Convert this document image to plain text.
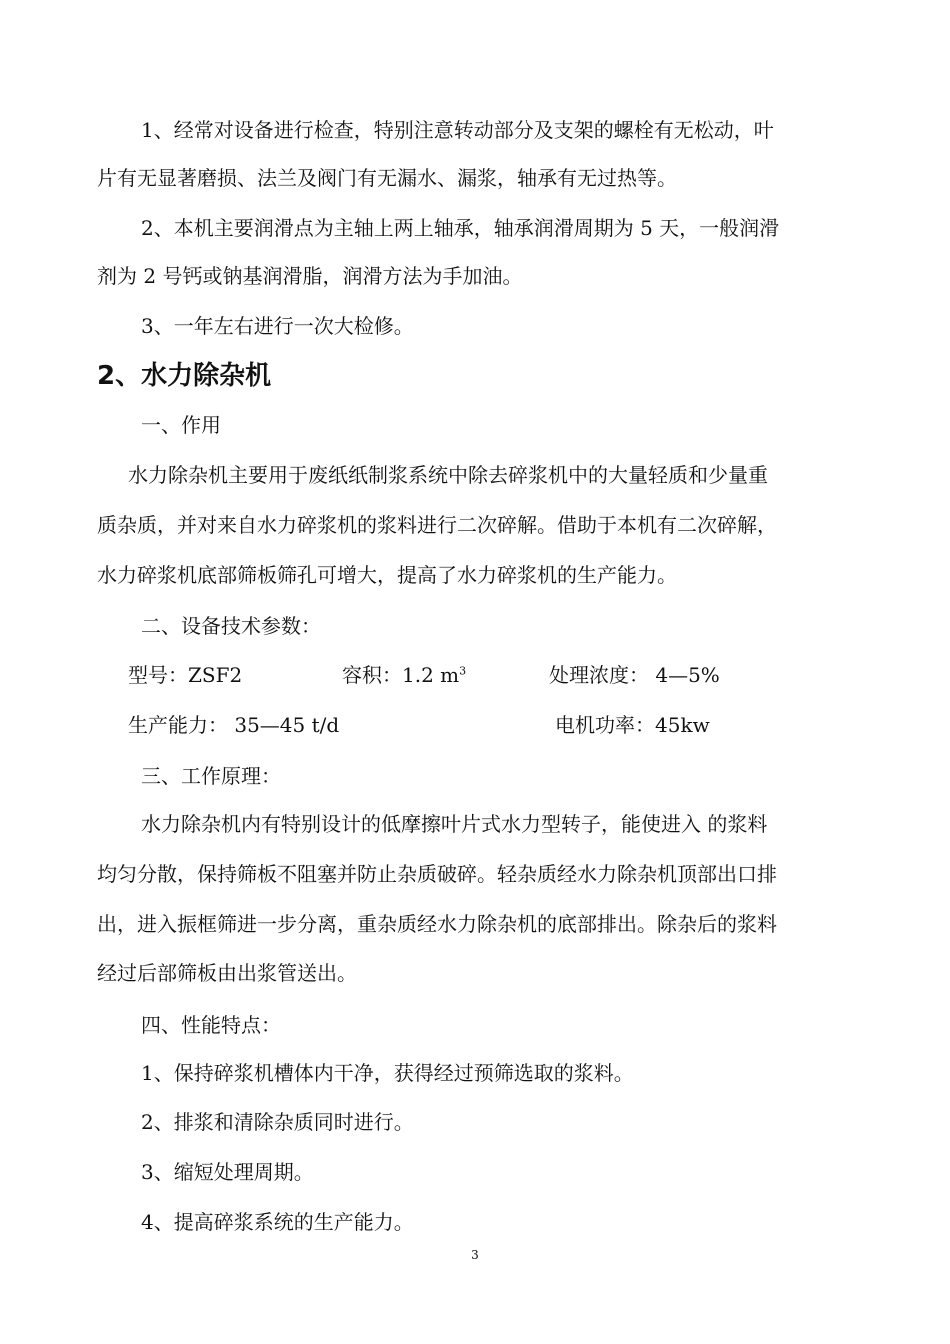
1、经常对设备进行检查，特别注意转动部分及支架的螺栓有无松动，叶
片有无显著磨损、法兰及阀门有无漏水、漏浆，轴承有无过热等。
2、本机主要润滑点为主轴上两上轴承，轴承润滑周期为 5 天，一般润滑
剂为 2 号钙或钠基润滑脂，润滑方法为手加油。
3、一年左右进行一次大检修。
2、水力除杂机
一、作用
水力除杂机主要用于废纸纸制浆系统中除去碎浆机中的大量轻质和少量重
质杂质，并对来自水力碎浆机的浆料进行二次碎解。借助于本机有二次碎解，
水力碎浆机底部筛板筛孔可增大，提高了水力碎浆机的生产能力。
二、设备技术参数：
型号：ZSF2	容积：1.2 $m^3$	处理浓度： 4—5%
生产能力： 35—45 t/d	电机功率：45kw
三、工作原理：
水力除杂机内有特别设计的低摩擦叶片式水力型转子，能使进入 的浆料
均匀分散，保持筛板不阻塞并防止杂质破碎。轻杂质经水力除杂机顶部出口排
出，进入振框筛进一步分离，重杂质经水力除杂机的底部排出。除杂后的浆料
经过后部筛板由出浆管送出。
四、性能特点：
1、保持碎浆机槽体内干净，获得经过预筛选取的浆料。
2、排浆和清除杂质同时进行。
3、缩短处理周期。
4、提高碎浆系统的生产能力。
3
